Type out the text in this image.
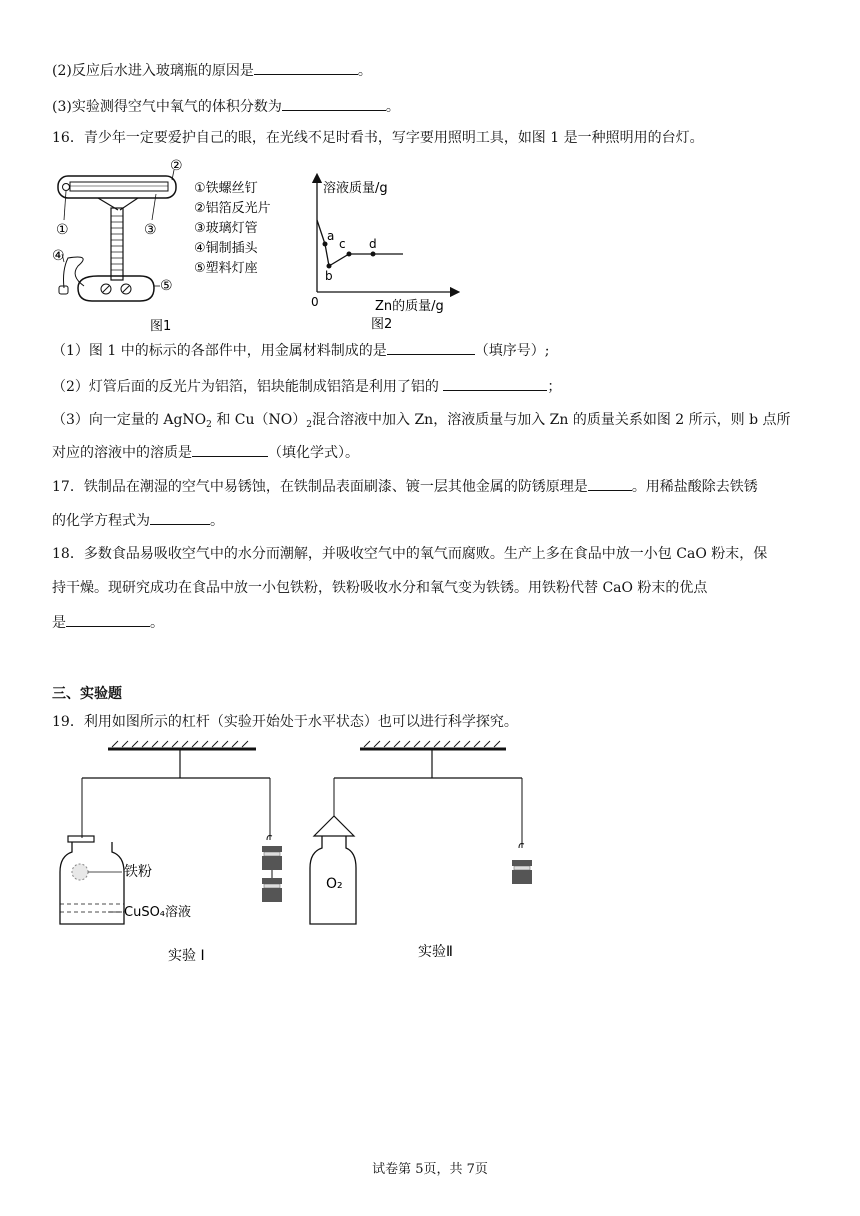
(2)反应后水进入玻璃瓶的原因是	。
(3)实验测得空气中氧气的体积分数为	。
16．青少年一定要爱护自己的眼，在光线不足时看书，写字要用照明工具，如图 1 是一种照明用的台灯。
②
①	③
④
⑤
①铁螺丝钉
②铝箔反光片
③玻璃灯管
④铜制插头
⑤塑料灯座
图1
溶液质量/g
Zn的质量/g
0
a
b
c d
图2
（1）图 1 中的标示的各部件中，用金属材料制成的是	（填序号）;
（2）灯管后面的反光片为铝箔，铝块能制成铝箔是利用了铝的	；
（3）向一定量的 AgNO$_2$ 和 $Cu(NO)_2$混合溶液中加入 Zn，溶液质量与加入 Zn 的质量关系如图 2 所示，则 b 点所
对应的溶液中的溶质是	（填化学式）。
17．铁制品在潮湿的空气中易锈蚀，在铁制品表面刷漆、镀一层其他金属的防锈原理是	。用稀盐酸除去铁锈
的化学方程式为	。
18．多数食品易吸收空气中的水分而潮解，并吸收空气中的氧气而腐败。生产上多在食品中放一小包 CaO 粉末，保
持干燥。现研究成功在食品中放一小包铁粉，铁粉吸收水分和氧气变为铁锈。用铁粉代替 CaO 粉末的优点
是	。
三、实验题
19．利用如图所示的杠杆（实验开始处于水平状态）也可以进行科学探究。
铁粉
CuSO₄溶液
实验 I
O₂
实验Ⅱ
试卷第 5页，共 7页
